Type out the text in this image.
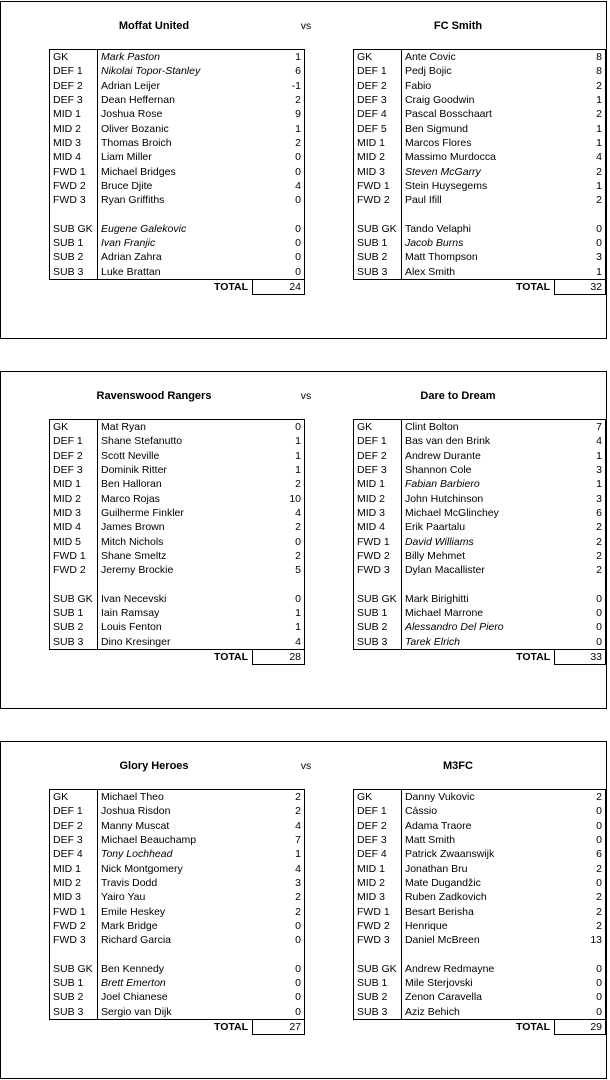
Moffat United	vs	FC Smith
GK	Mark Paston	1
DEF 1	Nikolai Topor-Stanley	6
DEF 2	Adrian Leijer	-1
DEF 3	Dean Heffernan	2
MID 1	Joshua Rose	9
MID 2	Oliver Bozanic	1
MID 3	Thomas Broich	2
MID 4	Liam Miller	0
FWD 1	Michael Bridges	0
FWD 2	Bruce Djite	4
FWD 3	Ryan Griffiths	0

SUB GK	Eugene Galekovic	0
SUB 1	Ivan Franjic	0
SUB 2	Adrian Zahra	0
SUB 3	Luke Brattan	0
TOTAL		24
GK	Ante Covic	8
DEF 1	Pedj Bojic	8
DEF 2	Fabio	2
DEF 3	Craig Goodwin	1
DEF 4	Pascal Bosschaart	2
DEF 5	Ben Sigmund	1
MID 1	Marcos Flores	1
MID 2	Massimo Murdocca	4
MID 3	Steven McGarry	2
FWD 1	Stein Huysegems	1
FWD 2	Paul Ifill	2

SUB GK	Tando Velaphi	0
SUB 1	Jacob Burns	0
SUB 2	Matt Thompson	3
SUB 3	Alex Smith	1
TOTAL		32
Ravenswood Rangers	vs	Dare to Dream
GK	Mat Ryan	0
DEF 1	Shane Stefanutto	1
DEF 2	Scott Neville	1
DEF 3	Dominik Ritter	1
MID 1	Ben Halloran	2
MID 2	Marco Rojas	10
MID 3	Guilherme Finkler	4
MID 4	James Brown	2
MID 5	Mitch Nichols	0
FWD 1	Shane Smeltz	2
FWD 2	Jeremy Brockie	5

SUB GK	Ivan Necevski	0
SUB 1	Iain Ramsay	1
SUB 2	Louis Fenton	1
SUB 3	Dino Kresinger	4
TOTAL		28
GK	Clint Bolton	7
DEF 1	Bas van den Brink	4
DEF 2	Andrew Durante	1
DEF 3	Shannon Cole	3
MID 1	Fabian Barbiero	1
MID 2	John Hutchinson	3
MID 3	Michael McGlinchey	6
MID 4	Erik Paartalu	2
FWD 1	David Williams	2
FWD 2	Billy Mehmet	2
FWD 3	Dylan Macallister	2

SUB GK	Mark Birighitti	0
SUB 1	Michael Marrone	0
SUB 2	Alessandro Del Piero	0
SUB 3	Tarek Elrich	0
TOTAL		33
Glory Heroes	vs	M3FC
GK	Michael Theo	2
DEF 1	Joshua Risdon	2
DEF 2	Manny Muscat	4
DEF 3	Michael Beauchamp	7
DEF 4	Tony Lochhead	1
MID 1	Nick Montgomery	4
MID 2	Travis Dodd	3
MID 3	Yairo Yau	2
FWD 1	Emile Heskey	2
FWD 2	Mark Bridge	0
FWD 3	Richard Garcia	0

SUB GK	Ben Kennedy	0
SUB 1	Brett Emerton	0
SUB 2	Joel Chianese	0
SUB 3	Sergio van Dijk	0
TOTAL		27
GK	Danny Vukovic	2
DEF 1	Cássio	0
DEF 2	Adama Traore	0
DEF 3	Matt Smith	0
DEF 4	Patrick Zwaanswijk	6
MID 1	Jonathan Bru	2
MID 2	Mate Dugandžic	0
MID 3	Ruben Zadkovich	2
FWD 1	Besart Berisha	2
FWD 2	Henrique	2
FWD 3	Daniel McBreen	13

SUB GK	Andrew Redmayne	0
SUB 1	Mile Sterjovski	0
SUB 2	Zenon Caravella	0
SUB 3	Aziz Behich	0
TOTAL		29
